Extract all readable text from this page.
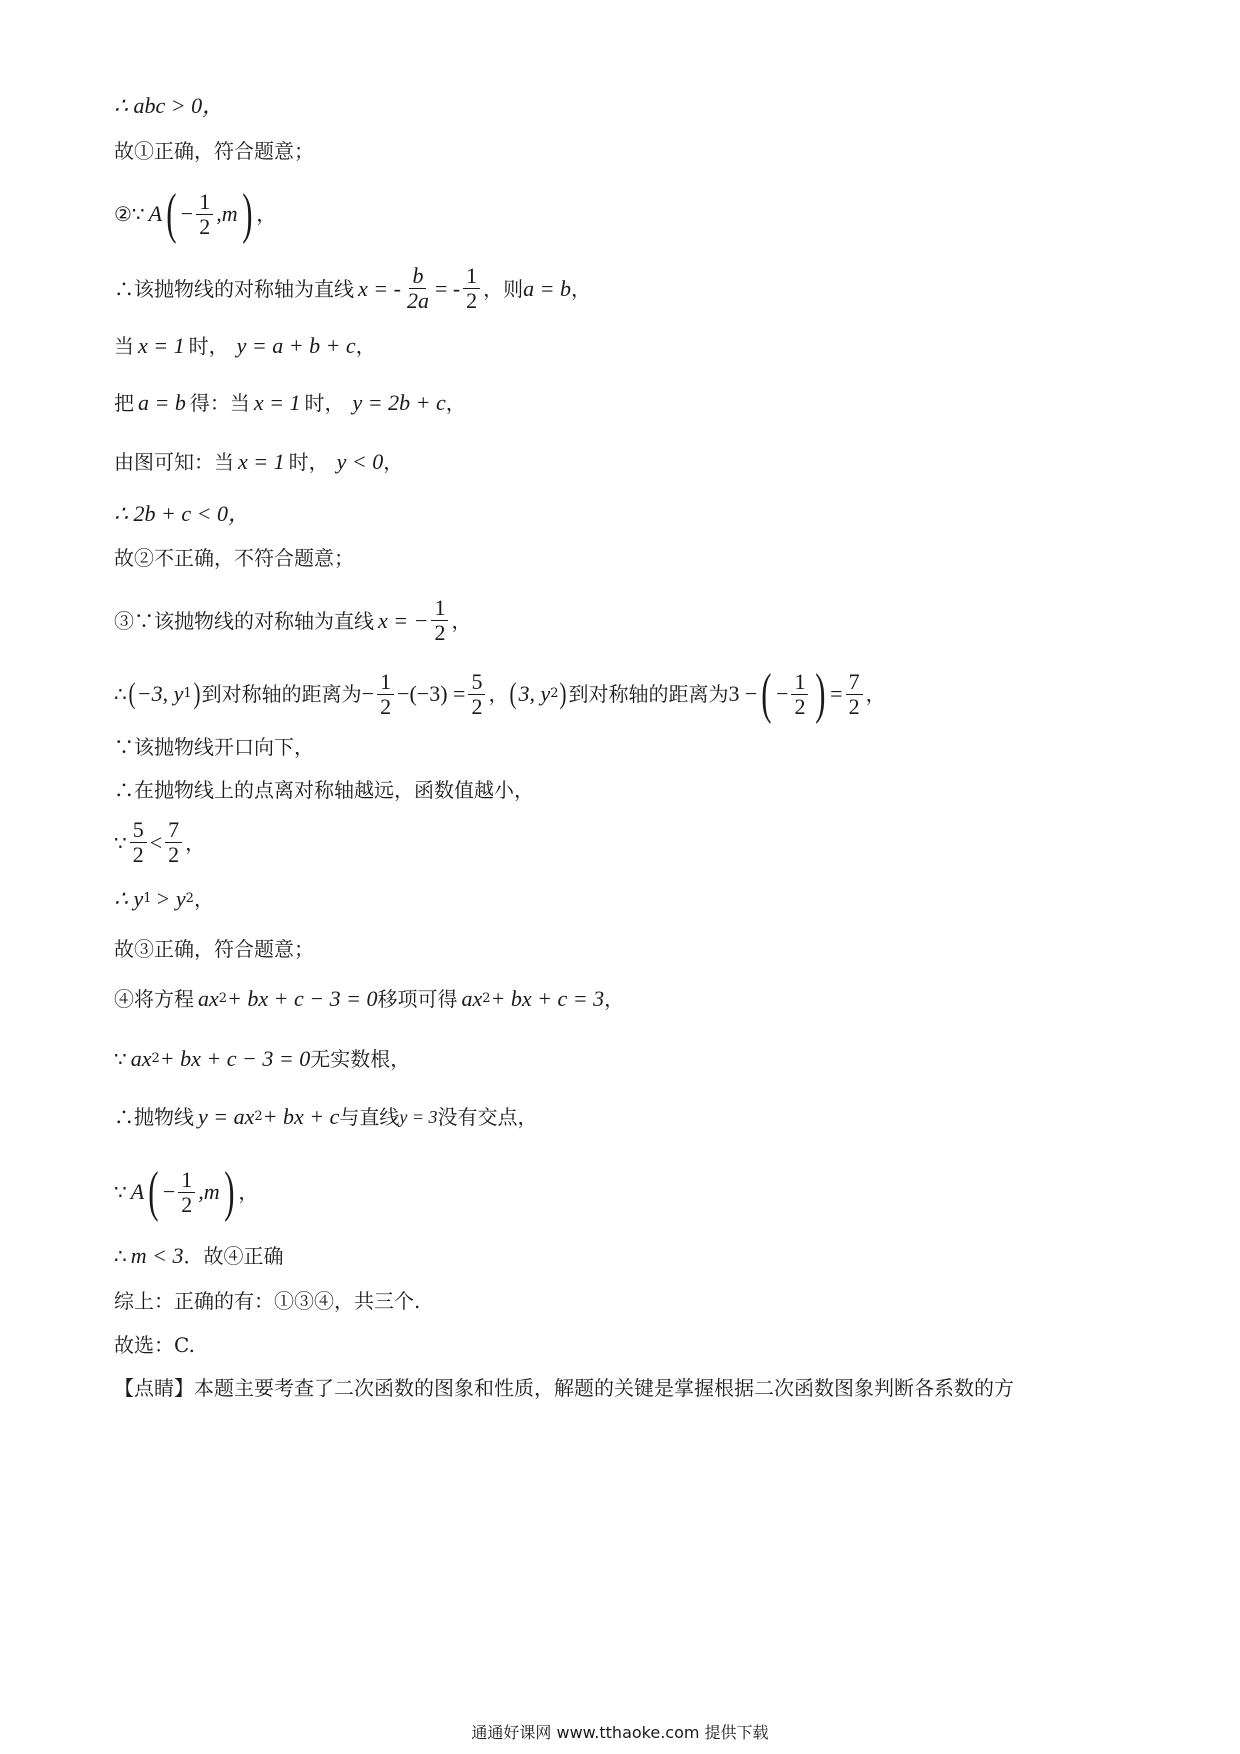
∴ abc > 0，
故①正确，符合题意；
②∵ A ( − $\frac{1}{2} ,m$ ) ，
∴该抛物线的对称轴为直线 x = - $\frac{b}{2a}$ = - $\frac{1}{2}$ ，则 a = b ，
当 x = 1 时， y = a + b + c ，
把 a = b 得：当 x = 1 时， y = 2b + c ，
由图可知：当 x = 1 时， y < 0 ，
∴ 2b + c < 0，
故②不正确，不符合题意；
③∵该抛物线的对称轴为直线 x = − $\frac{1}{2}$ ，
∴ ( −3, y 1 ) 到对称轴的距离为 − $\frac{1}{2} -(-3) = \frac{5}{2}$ ， ( 3, y 2 ) 到对称轴的距离为 3 − ( − $\frac{1}{2}$ ) = $\frac{7}{2}$ ，
∵该抛物线开口向下，
∴在抛物线上的点离对称轴越远，函数值越小，
∵ $\frac{5}{2} < \frac{7}{2}$ ，
∴ y 1 > y 2 ，
故③正确，符合题意；
④将方程 ax 2 + bx + c − 3 = 0 移项可得 ax 2 + bx + c = 3 ，
∵ ax 2 + bx + c − 3 = 0 无实数根，
∴抛物线 y = ax 2 + bx + c 与直线 y = 3 没有交点，
∵ A ( − $\frac{1}{2} ,m$ ) ，
∴ m < 3 ．故④正确
综上：正确的有：①③④，共三个.
故选：C.
【点睛】本题主要考查了二次函数的图象和性质，解题的关键是掌握根据二次函数图象判断各系数的方
通通好课网 www.tthaoke.com 提供下载
